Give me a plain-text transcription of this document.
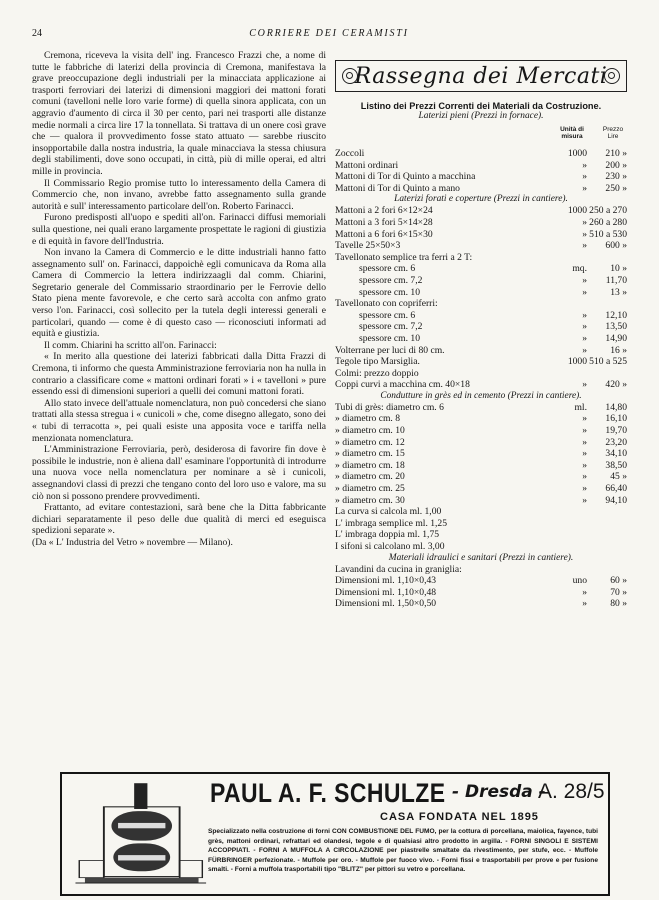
24	CORRIERE DEI CERAMISTI

Cremona, riceveva la visita dell' ing. Francesco Frazzi che, a nome di tutte le fabbriche di laterizi della provincia di Cremona, manifestava la grave preoccupazione degli industriali per la minacciata applicazione ai trasporti ferroviari dei laterizi di dimensioni maggiori dei mattoni forati comuni (tavelloni nelle loro varie forme) di quella sinora applicata, con un aggravio d'aumento di circa il 30 per cento, pari nei trasporti alle distanze medie normali a circa lire 17 la tonnellata. Si trattava di un onere così grave che — qualora il provvedimento fosse stato attuato — sarebbe riuscito insopportabile dalla nostra industria, la quale minacciava la stessa chiusura degli stabilimenti, dove sono occupati, in città, più di mille operai, ed altri mille in provincia.

Il Commissario Regio promise tutto lo interessamento della Camera di Commercio che, non invano, avrebbe fatto assegnamento sulla grande autorità e sull' interessamento particolare dell'on. Roberto Farinacci.

Furono predisposti all'uopo e spediti all'on. Farinacci diffusi memoriali sulla questione, nei quali erano largamente prospettate le ragioni di giustizia e di equità in favore dell'Industria.

Non invano la Camera di Commercio e le ditte industriali hanno fatto assegnamento sull' on. Farinacci, dappoichè egli comunicava da Roma alla Camera di Commercio la lettera indirizzaagli dal comm. Chiarini, Segretario generale del Commissario straordinario per le Ferrovie dello Stato piena mente favorevole, e che certo sarà accolta con anfmo grato verso l'on. Farinacci, così sollecito per la tutela degli interessi generali e particolari, quando — come è di questo caso — riconosciuti informati ad equità e giustizia.

Il comm. Chiarini ha scritto all'on. Farinacci:

« In merito alla questione dei laterizi fabbricati dalla Ditta Frazzi di Cremona, ti informo che questa Amministrazione ferroviaria non ha nulla in contrario a classificare come « mattoni ordinari forati » i « tavelloni » pure essendo essi di dimensioni superiori a quelli dei comuni mattoni forati.

Allo stato invece dell'attuale nomenclatura, non può concedersi che siano trattati alla stessa stregua i « cunicoli » che, come disegno allegato, sono dei « tubi di terracotta », pei quali esiste una apposita voce e tariffa nella menzionata nomenclatura.

L'Amministrazione Ferroviaria, però, desiderosa di favorire fin dove è possibile le industrie, non è aliena dall' esaminare l'opportunità di introdurre una nuova voce nella nomenclatura per nominare a sè i cunicoli, assegnandovi classi di prezzi che tengano conto del loro uso e valore, ma su ciò non si possono prendere provvedimenti.

Frattanto, ad evitare contestazioni, sarà bene che la Ditta fabbricante dichiari separatamente il peso delle due qualità di merci ed eseguisca spedizioni separate ».

(Da « L' Industria del Vetro » novembre — Milano).

Rassegna dei Mercati
Listino dei Prezzi Correnti dei Materiali da Costruzione.
Laterizi pieni (Prezzi in fornace).
Unità di misura
Prezzo Lire
Zoccoli	1000 210 »
Mattoni ordinari	» 200 »
Mattoni di Tor di Quinto a macchina	» 230 »
Mattoni di Tor di Quinto a mano	» 250 »
Laterizi forati e coperture (Prezzi in cantiere).
Mattoni a 2 fori 6×12×24	1000 250 a 270
Mattoni a 3 fori 5×14×28	» 260 a 280
Mattoni a 6 fori 6×15×30	» 510 a 530
Tavelle 25×50×3	» 600 »
Tavellonato semplice tra ferri a 2 T:
spessore cm. 6	mq. 10 »
spessore cm. 7,2	» 11,70
spessore cm. 10	» 13 »
Tavellonato con copriferri:
spessore cm. 6	» 12,10
spessore cm. 7,2	» 13,50
spessore cm. 10	» 14,90
Volterrane per luci di 80 cm.	» 16 »
Tegole tipo Marsiglia.	1000 510 a 525
Colmi: prezzo doppio
Coppi curvi a macchina cm. 40×18	» 420 »
Condutture in grès ed in cemento (Prezzi in cantiere).
Tubi di grès: diametro cm. 6	ml. 14,80
» diametro cm. 8	» 16,10
» diametro cm. 10	» 19,70
» diametro cm. 12	» 23,20
» diametro cm. 15	» 34,10
» diametro cm. 18	» 38,50
» diametro cm. 20	» 45 »
» diametro cm. 25	» 66,40
» diametro cm. 30	» 94,10
La curva si calcola ml. 1,00
L' imbraga semplice ml. 1,25
L' imbraga doppia ml. 1,75
I sifoni si calcolano ml. 3,00
Materiali idraulici e sanitari (Prezzi in cantiere).
Lavandini da cucina in graniglia:
Dimensioni ml. 1,10×0,43	uno 60 »
Dimensioni ml. 1,10×0,48	» 70 »
Dimensioni ml. 1,50×0,50	» 80 »
PAUL A. F. SCHULZE - Dresda -
A. 28/5
CASA FONDATA NEL 1895
Specializzato nella costruzione di forni CON COMBUSTIONE DEL FUMO, per la cottura di porcellana, maiolica, fayence, tubi grès, mattoni ordinari, refrattari ed olandesi, tegole e di qualsiasi altro prodotto in argilla. - FORNI SINGOLI E SISTEMI ACCOPPIATI. - FORNI A MUFFOLA A CIRCOLAZIONE per piastrelle smaltate da rivestimento, per stufe, ecc. - Muffole FÜRBRINGER perfezionate. - Muffole per oro. - Muffole per fuoco vivo. - Forni fissi e trasportabili per prove e per fusione smalti. - Forni a muffola trasportabili tipo "BLITZ" per pittori su vetro e porcellana.
